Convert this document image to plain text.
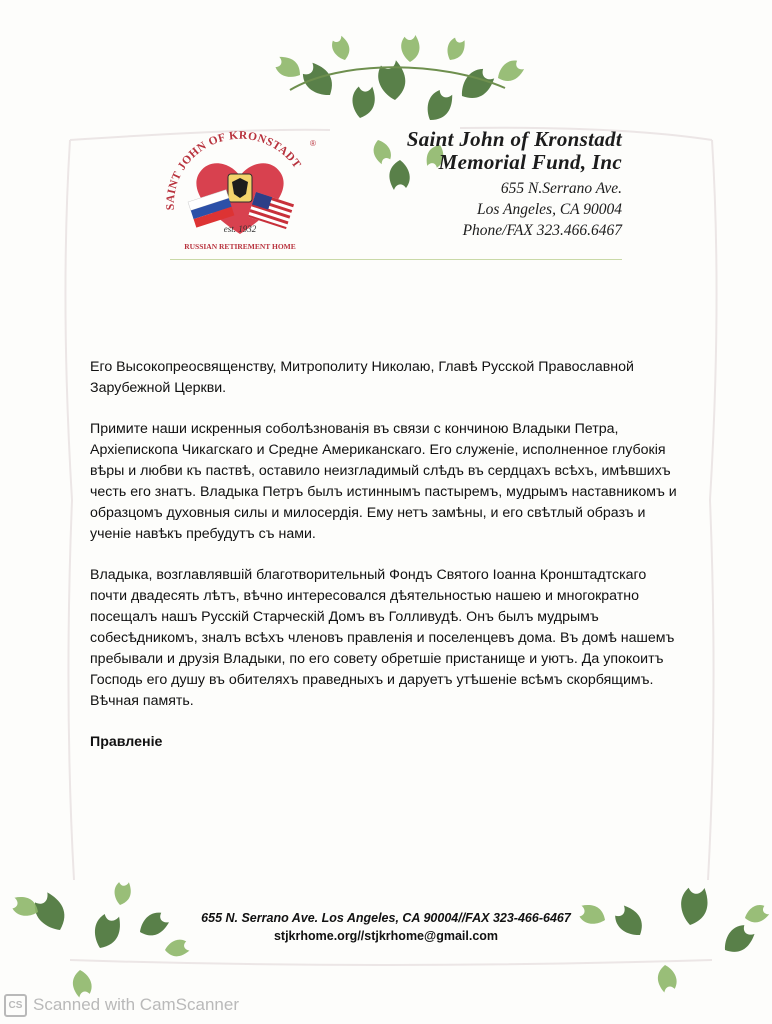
SAINT JOHN OF KRONSTADT
®
est. 1932
RUSSIAN RETIREMENT HOME
Saint John of Kronstadt
Memorial Fund, Inc
655 N.Serrano Ave.
Los Angeles, CA 90004
Phone/FAX 323.466.6467

Его Высокопреосвященству, Митрополиту Николаю, Главѣ Русской Православной Зарубежной Церкви.

Примите наши искренныя соболѣзнованія въ связи с кончиною Владыки Петра, Архіепископа Чикагскаго и Средне Американскаго. Его служеніе, исполненное глубокія вѣры и любви къ паствѣ, оставило неизгладимый слѣдъ въ сердцахъ всѣхъ, имѣвшихъ честь его знатъ. Владыка Петръ былъ истиннымъ пастыремъ, мудрымъ наставникомъ и образцомъ духовныя силы и милосердія. Ему нетъ замѣны, и его свѣтлый образъ и ученіе навѣкъ пребудутъ съ нами.

Владыка, возглавлявшій благотворительный Фондъ Святого Іоанна Кронштадтскаго почти двадесять лѣтъ, вѣчно интересовался дѣятельностью нашею и многократно посещалъ нашъ Русскій Старческій Домъ въ Голливудѣ. Онъ былъ мудрымъ собесѣдникомъ, зналъ всѣхъ членовъ правленія и поселенцевъ дома. Въ домѣ нашемъ пребывали и друзія Владыки, по его совету обретшіе пристанище и уютъ. Да упокоитъ Господь его душу въ обителяхъ праведныхъ и даруетъ утѣшеніе всѣмъ скорбящимъ. Вѣчная память.

Правленіе

655 N. Serrano Ave. Los Angeles, CA 90004//FAX 323-466-6467
stjkrhome.org//stjkrhome@gmail.com
CS Scanned with CamScanner
